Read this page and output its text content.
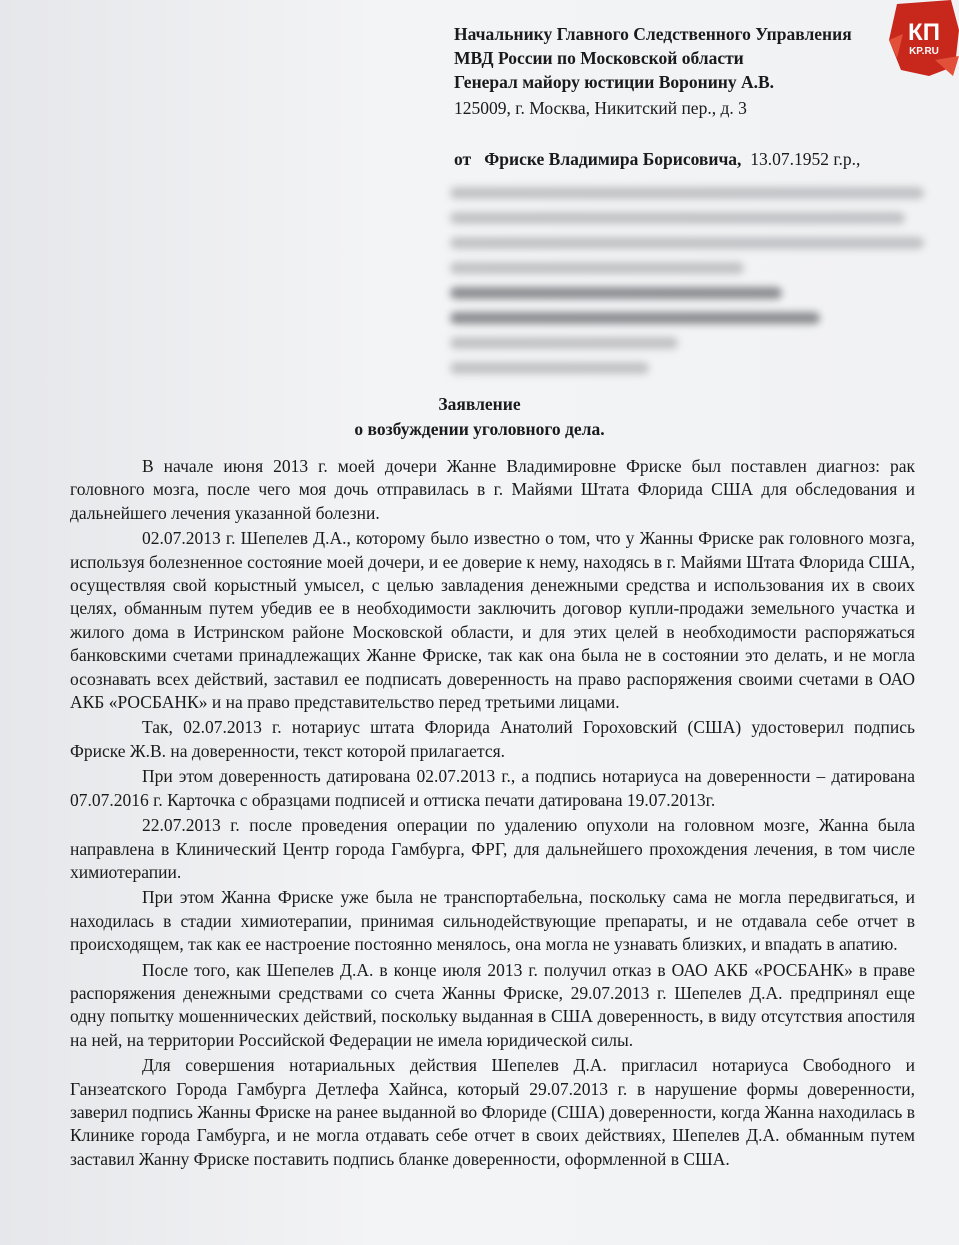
КП
KP.RU
Начальнику Главного Следственного Управления
МВД России по Московской области
Генерал майору юстиции Воронину А.В.
125009, г. Москва, Никитский пер., д. 3
от Фриске Владимира Борисовича, 13.07.1952 г.р.,
Заявление
о возбуждении уголовного дела.

В начале июня 2013 г. моей дочери Жанне Владимировне Фриске был поставлен диагноз: рак головного мозга, после чего моя дочь отправилась в г. Майями Штата Флорида США для обследования и дальнейшего лечения указанной болезни.

02.07.2013 г. Шепелев Д.А., которому было известно о том, что у Жанны Фриске рак головного мозга, используя болезненное состояние моей дочери, и ее доверие к нему, находясь в г. Майями Штата Флорида США, осуществляя свой корыстный умысел, с целью завладения денежными средства и использования их в своих целях, обманным путем убедив ее в необходимости заключить договор купли-продажи земельного участка и жилого дома в Истринском районе Московской области, и для этих целей в необходимости распоряжаться банковскими счетами принадлежащих Жанне Фриске, так как она была не в состоянии это делать, и не могла осознавать всех действий, заставил ее подписать доверенность на право распоряжения своими счетами в ОАО АКБ «РОСБАНК» и на право представительство перед третьими лицами.

Так, 02.07.2013 г. нотариус штата Флорида Анатолий Гороховский (США) удостоверил подпись Фриске Ж.В. на доверенности, текст которой прилагается.

При этом доверенность датирована 02.07.2013 г., а подпись нотариуса на доверенности – датирована 07.07.2016 г. Карточка с образцами подписей и оттиска печати датирована 19.07.2013г.

22.07.2013 г. после проведения операции по удалению опухоли на головном мозге, Жанна была направлена в Клинический Центр города Гамбурга, ФРГ, для дальнейшего прохождения лечения, в том числе химиотерапии.

При этом Жанна Фриске уже была не транспортабельна, поскольку сама не могла передвигаться, и находилась в стадии химиотерапии, принимая сильнодействующие препараты, и не отдавала себе отчет в происходящем, так как ее настроение постоянно менялось, она могла не узнавать близких, и впадать в апатию.

После того, как Шепелев Д.А. в конце июля 2013 г. получил отказ в ОАО АКБ «РОСБАНК» в праве распоряжения денежными средствами со счета Жанны Фриске, 29.07.2013 г. Шепелев Д.А. предпринял еще одну попытку мошеннических действий, поскольку выданная в США доверенность, в виду отсутствия апостиля на ней, на территории Российской Федерации не имела юридической силы.

Для совершения нотариальных действия Шепелев Д.А. пригласил нотариуса Свободного и Ганзеатского Города Гамбурга Детлефа Хайнса, который 29.07.2013 г. в нарушение формы доверенности, заверил подпись Жанны Фриске на ранее выданной во Флориде (США) доверенности, когда Жанна находилась в Клинике города Гамбурга, и не могла отдавать себе отчет в своих действиях, Шепелев Д.А. обманным путем заставил Жанну Фриске поставить подпись бланке доверенности, оформленной в США.
